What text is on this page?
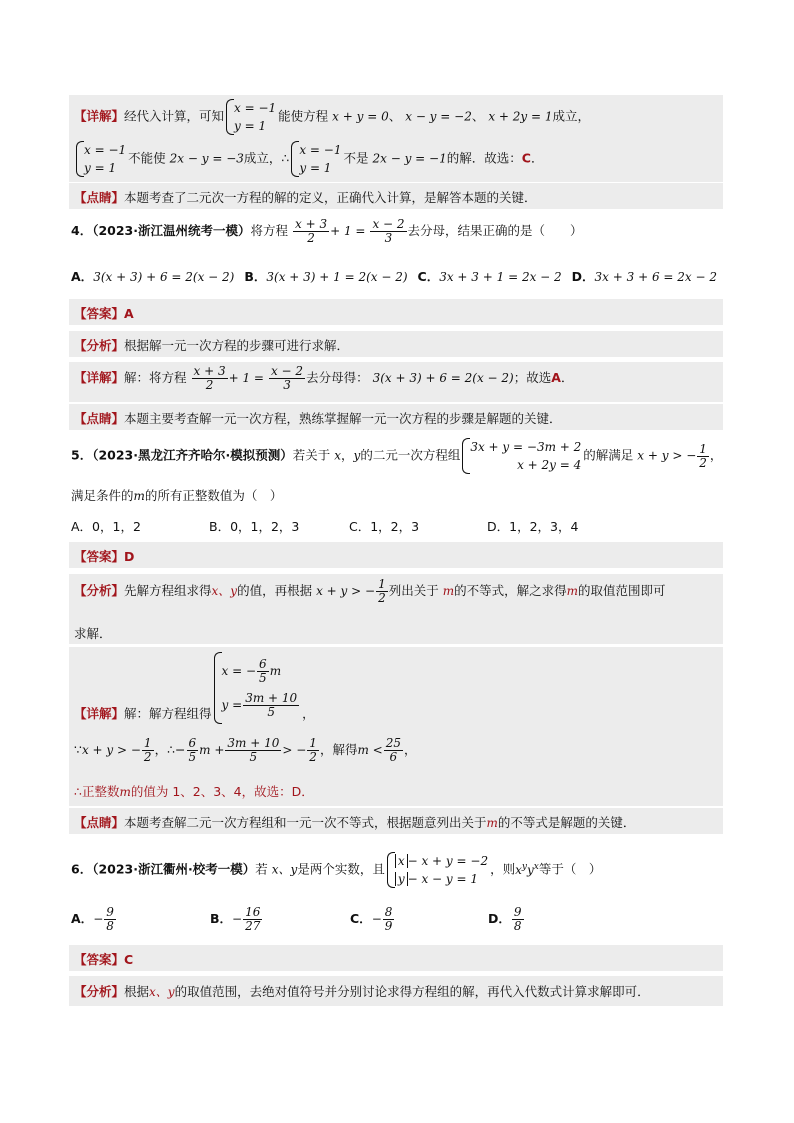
【详解】经代入计算，可知
x = −1
y = 1
能使方程 x + y = 0、 x − y = −2、 x + 2y = 1成立，
x = −1
y = 1
不能使 2x − y = −3成立，∴
x = −1
y = 1
不是 2x − y = −1的解．故选：C．
【点睛】本题考查了二元次一方程的解的定义，正确代入计算，是解答本题的关键．
4．（2023·浙江温州统考一模）将方程 $\frac{x + 3}{2} + 1 = \frac{x - 2}{3}$ 去分母，结果正确的是（　　）
A．3(x + 3) + 6 = 2(x − 2) B．3(x + 3) + 1 = 2(x − 2) C．3x + 3 + 1 = 2x − 2 D．3x + 3 + 6 = 2x − 2
【答案】A
【分析】根据解一元一次方程的步骤可进行求解．
【详解】解：将方程 $\frac{x + 3}{2} + 1 = \frac{x - 2}{3}$ 去分母得： 3(x + 3) + 6 = 2(x − 2)；故选A．
【点睛】本题主要考查解一元一次方程，熟练掌握解一元一次方程的步骤是解题的关键．
5．（2023·黑龙江齐齐哈尔·模拟预测）若关于 x，y的二元一次方程组
3x + y = −3m + 2
x + 2y = 4
的解满足 x + y > − $\frac{1}{2}$ ，
满足条件的m的所有正整数值为（　）
A．0，1，2	B．0，1，2，3	C．1，2，3	D．1，2，3，4
【答案】D
【分析】先解方程组求得x、y的值，再根据 x + y > − $\frac{1}{2}$ 列出关于 m的不等式，解之求得m的取值范围即可
求解．
【详解】解：解方程组得
x = − $\frac{6}{5}$ m
$y = \frac{3m + 10}{5}$ ，
∵x + y > − $\frac{1}{2}$ ，∴− $\frac{6}{5}$ $m + \frac{3m + 10}{5}$ > − $\frac{1}{2}$ ，解得$m < \frac{25}{6}$ ，
∴正整数m的值为 1、2、3、4，故选：D．
【点睛】本题考查解二元一次方程组和一元一次不等式，根据题意列出关于m的不等式是解题的关键．
6．（2023·浙江衢州·校考一模）若 x、y是两个实数，且
x − x + y = −2
y − x − y = 1
，则$x^yy^x$等于（　）
A．− $\frac{9}{8}$	B．− $\frac{16}{27}$	C．− $\frac{8}{9}$	D． $\frac{9}{8}$
【答案】C
【分析】根据x、y的取值范围，去绝对值符号并分别讨论求得方程组的解，再代入代数式计算求解即可．
